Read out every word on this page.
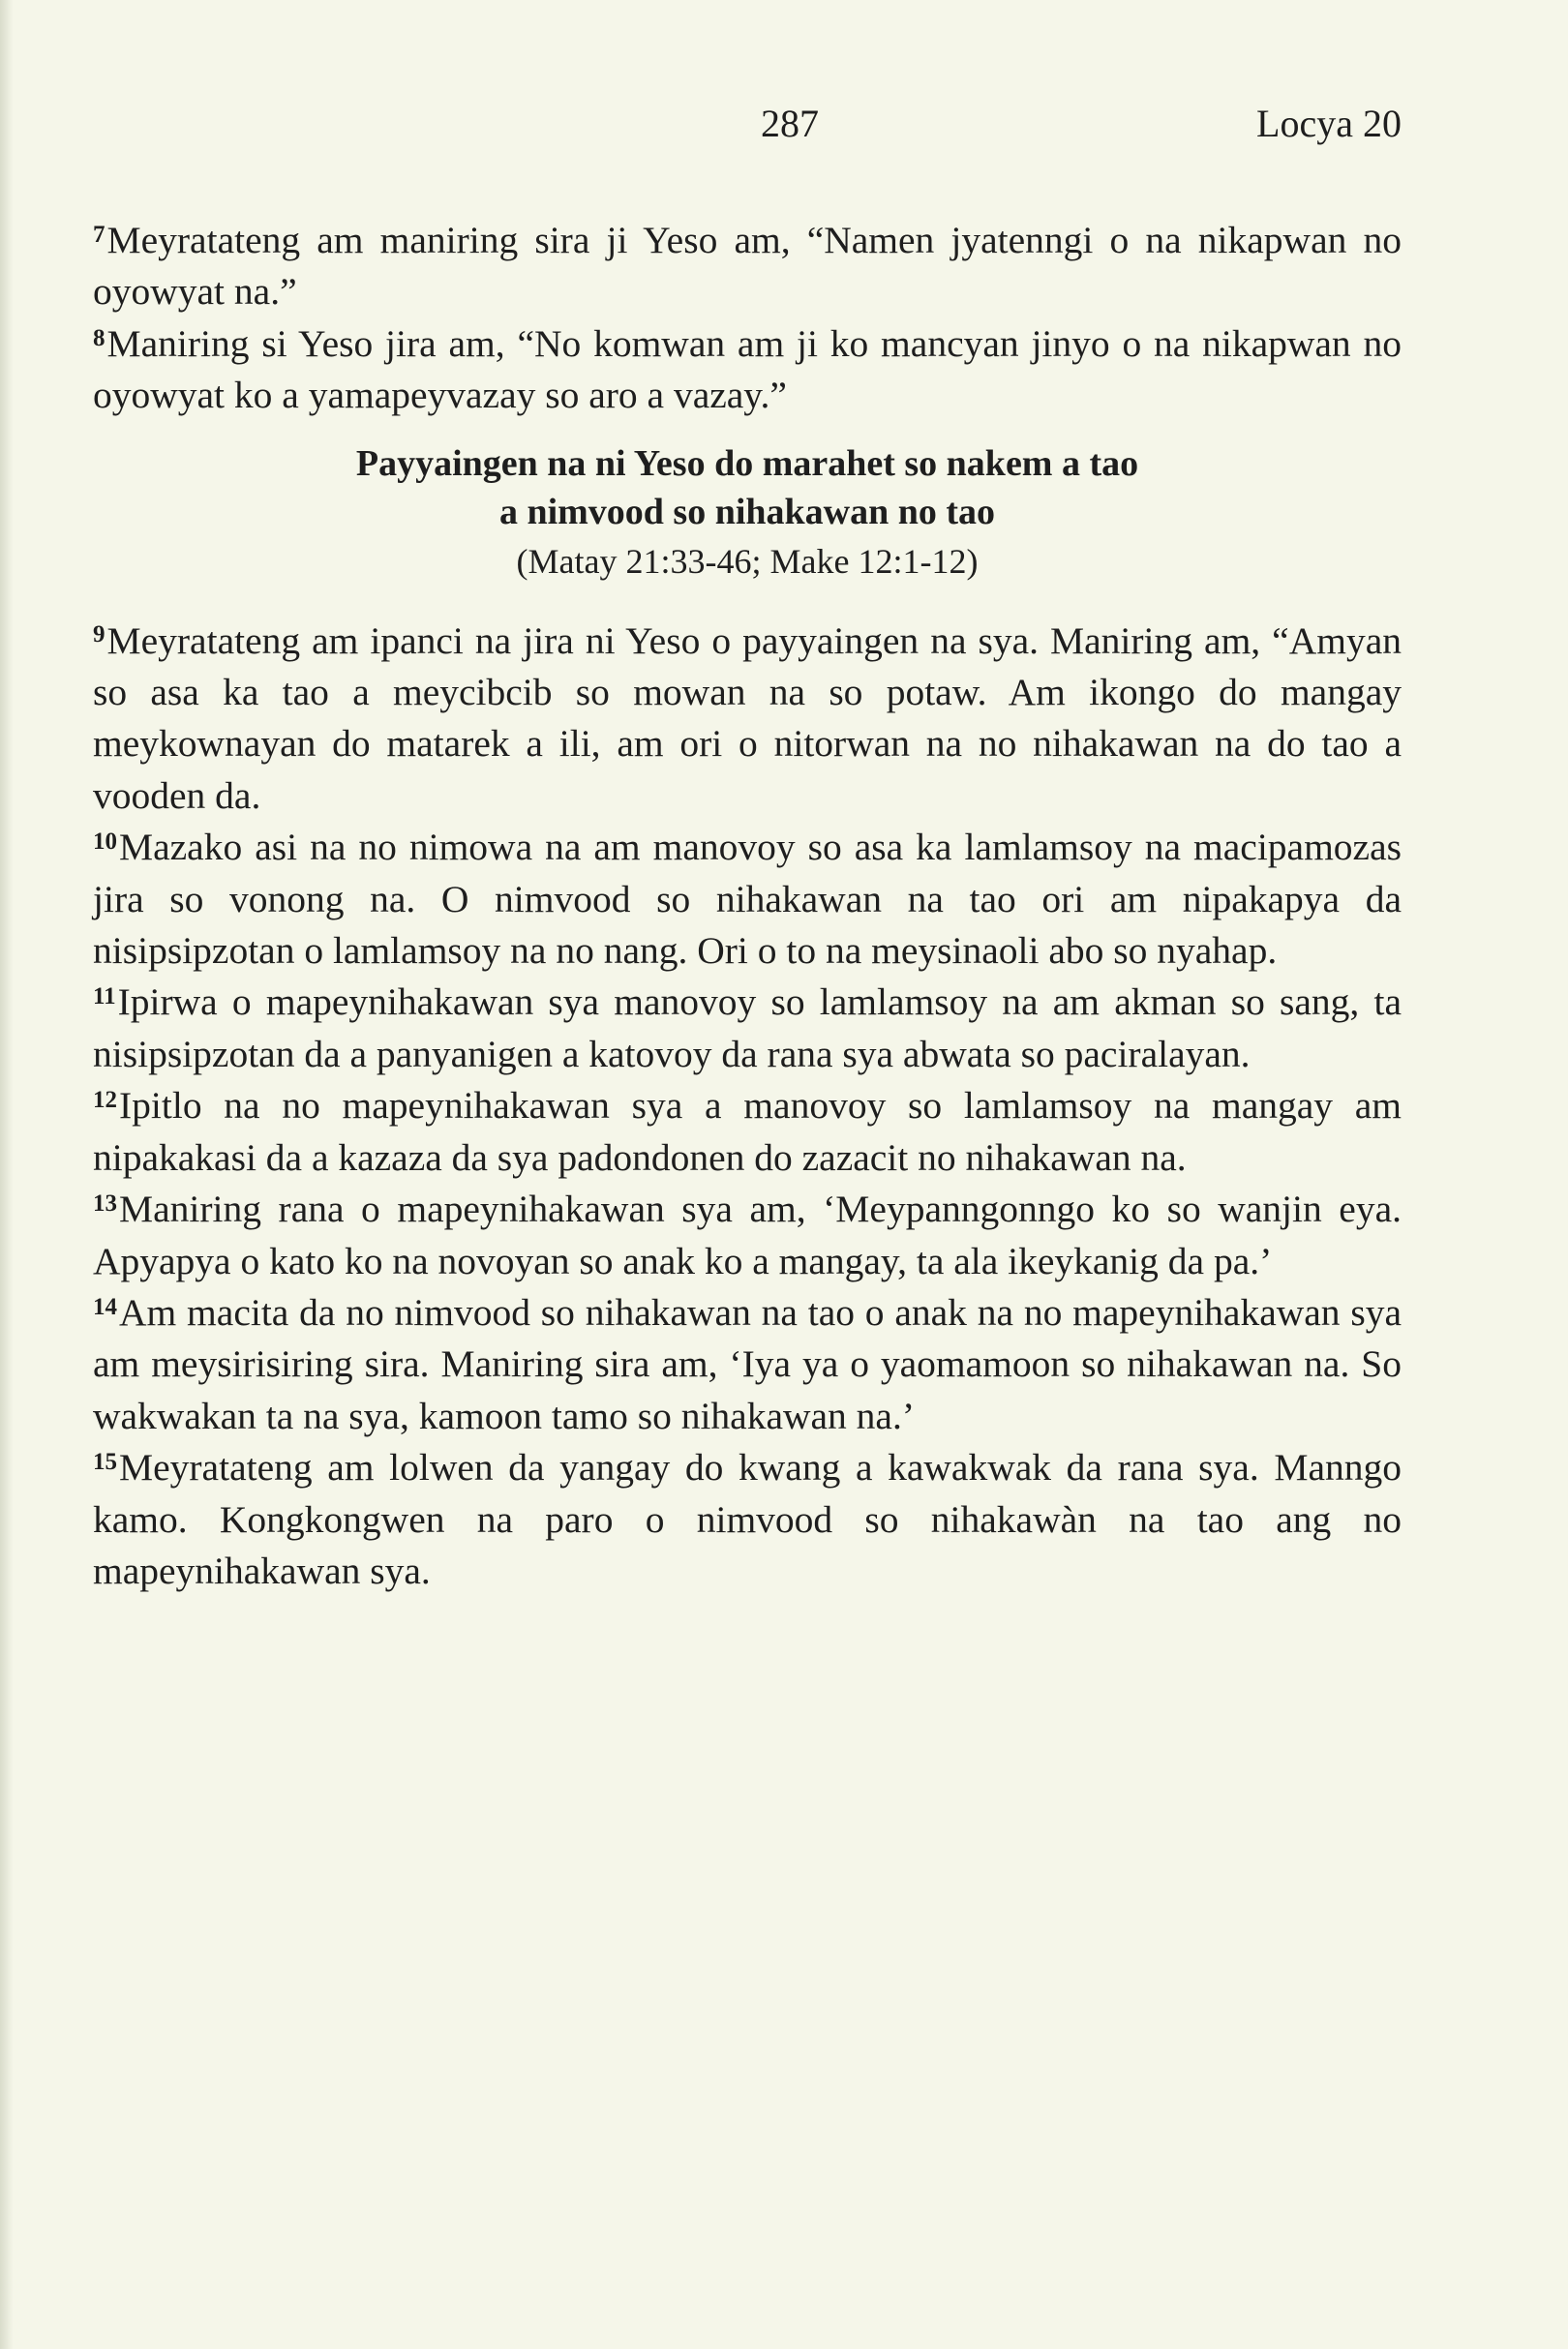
287	Locya 20

$^7$Meyratateng am maniring sira ji Yeso am, “Namen jyatenngi o na nikapwan no oyowyat na.”

$^8$Maniring si Yeso jira am, “No komwan am ji ko mancyan jinyo o na nikapwan no oyowyat ko a yamapeyvazay so aro a vazay.”

Payyaingen na ni Yeso do marahet so nakem a tao
a nimvood so nihakawan no tao
(Matay 21:33-46; Make 12:1-12)

$^9$Meyratateng am ipanci na jira ni Yeso o payyaingen na sya. Maniring am, “Amyan so asa ka tao a meycibcib so mowan na so potaw. Am ikongo do mangay meykownayan do matarek a ili, am ori o nitorwan na no nihakawan na do tao a vooden da.

$^{10}$Mazako asi na no nimowa na am manovoy so asa ka lamlamsoy na macipamozas jira so vonong na. O nimvood so nihakawan na tao ori am nipakapya da nisipsipzotan o lamlamsoy na no nang. Ori o to na meysinaoli abo so nyahap.

$^{11}$Ipirwa o mapeynihakawan sya manovoy so lamlamsoy na am akman so sang, ta nisipsipzotan da a panyanigen a katovoy da rana sya abwata so paciralayan.

$^{12}$Ipitlo na no mapeynihakawan sya a manovoy so lamlamsoy na mangay am nipakakasi da a kazaza da sya padondonen do zazacit no nihakawan na.

$^{13}$Maniring rana o mapeynihakawan sya am, ‘Meypanngonngo ko so wanjin eya. Apyapya o kato ko na novoyan so anak ko a mangay, ta ala ikeykanig da pa.’

$^{14}$Am macita da no nimvood so nihakawan na tao o anak na no mapeynihakawan sya am meysirisiring sira. Maniring sira am, ‘Iya ya o yaomamoon so nihakawan na. So wakwakan ta na sya, kamoon tamo so nihakawan na.’

$^{15}$Meyratateng am lolwen da yangay do kwang a kawakwak da rana sya. Manngo kamo. Kongkongwen na paro o nimvood so nihakawàn na tao ang no mapeynihakawan sya.
